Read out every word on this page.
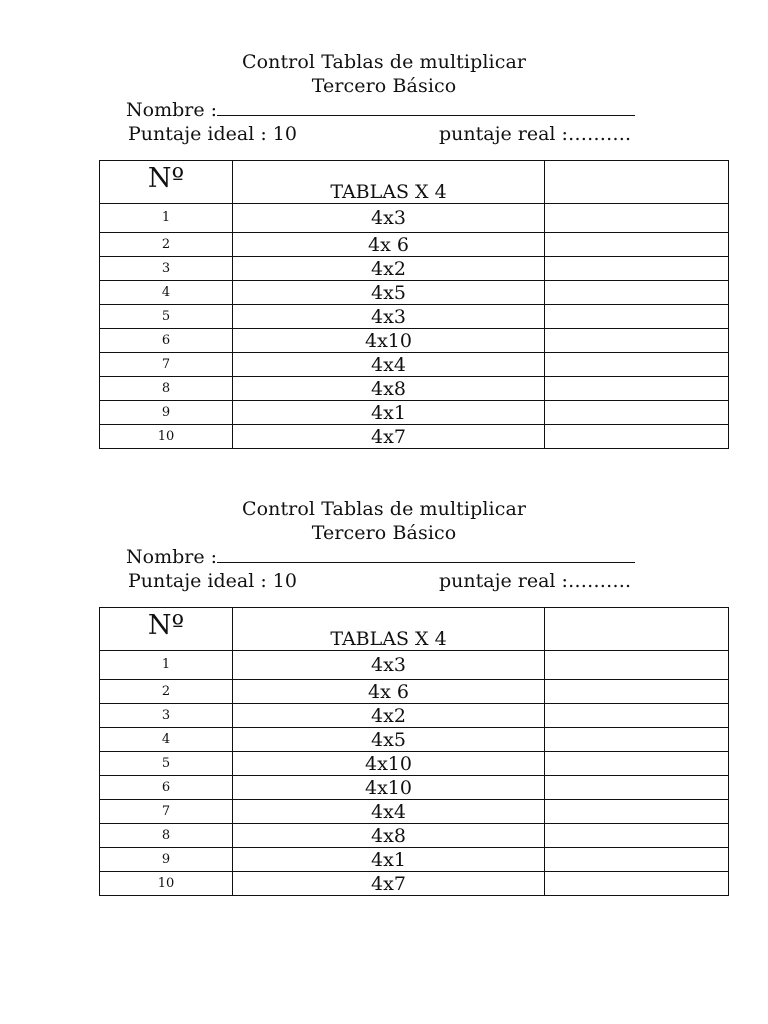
Control Tablas de multiplicar
Tercero Básico
Nombre :
Puntaje ideal : 10	puntaje real :……….
Nº	TABLAS X 4	
1	4x3	
2	4x 6	
3	4x2	
4	4x5	
5	4x3	
6	4x10	
7	4x4	
8	4x8	
9	4x1	
10	4x7	
Control Tablas de multiplicar
Tercero Básico
Nombre :
Puntaje ideal : 10	puntaje real :……….
Nº	TABLAS X 4	
1	4x3	
2	4x 6	
3	4x2	
4	4x5	
5	4x10	
6	4x10	
7	4x4	
8	4x8	
9	4x1	
10	4x7	
